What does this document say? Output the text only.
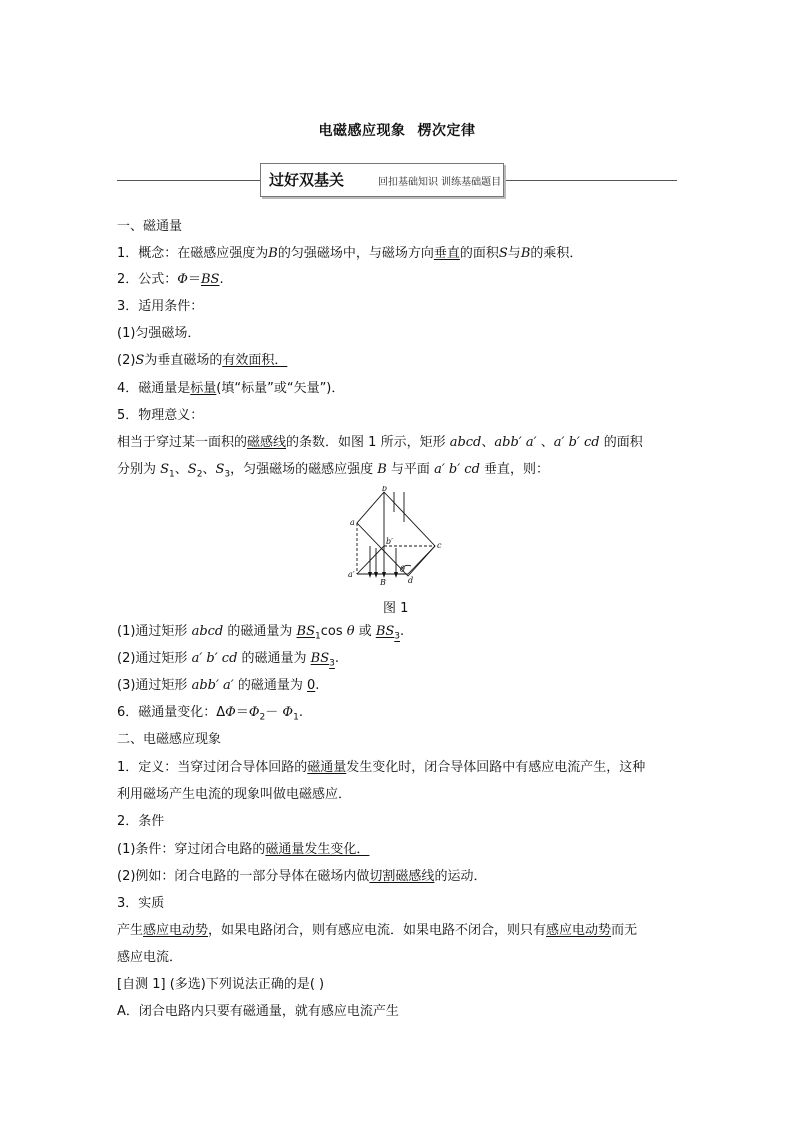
电磁感应现象 楞次定律
过好双基关	回扣基础知识 训练基础题目
一、磁通量
1．概念：在磁感应强度为B的匀强磁场中，与磁场方向垂直的面积S与B的乘积．
2．公式：Φ＝BS.
3．适用条件：
(1)匀强磁场．
(2)S为垂直磁场的有效面积．
4．磁通量是标量(填“标量”或“矢量”)．
5．物理意义：
相当于穿过某一面积的磁感线的条数．如图 1 所示，矩形 abcd、abb′ a′ 、a′ b′ cd 的面积
分别为 $S_1$、$S_2$、$S_3$，匀强磁场的磁感应强度 B 与平面 a′ b′ cd 垂直，则：
b
a
c
d
a′
b′
B
θ
图 1
(1)通过矩形 abcd 的磁通量为 $BS_1\cos$ θ 或 $BS_3$.
(2)通过矩形 a′ b′ cd 的磁通量为 $BS_3$.
(3)通过矩形 abb′ a′ 的磁通量为 0.
6．磁通量变化：$\Delta\Phi=\Phi_2- \Phi_1$.
二、电磁感应现象
1．定义：当穿过闭合导体回路的磁通量发生变化时，闭合导体回路中有感应电流产生，这种
利用磁场产生电流的现象叫做电磁感应．
2．条件
(1)条件：穿过闭合电路的磁通量发生变化．
(2)例如：闭合电路的一部分导体在磁场内做切割磁感线的运动．
3．实质
产生感应电动势，如果电路闭合，则有感应电流．如果电路不闭合，则只有感应电动势而无
感应电流．
[自测 1] (多选)下列说法正确的是( )
A．闭合电路内只要有磁通量，就有感应电流产生
